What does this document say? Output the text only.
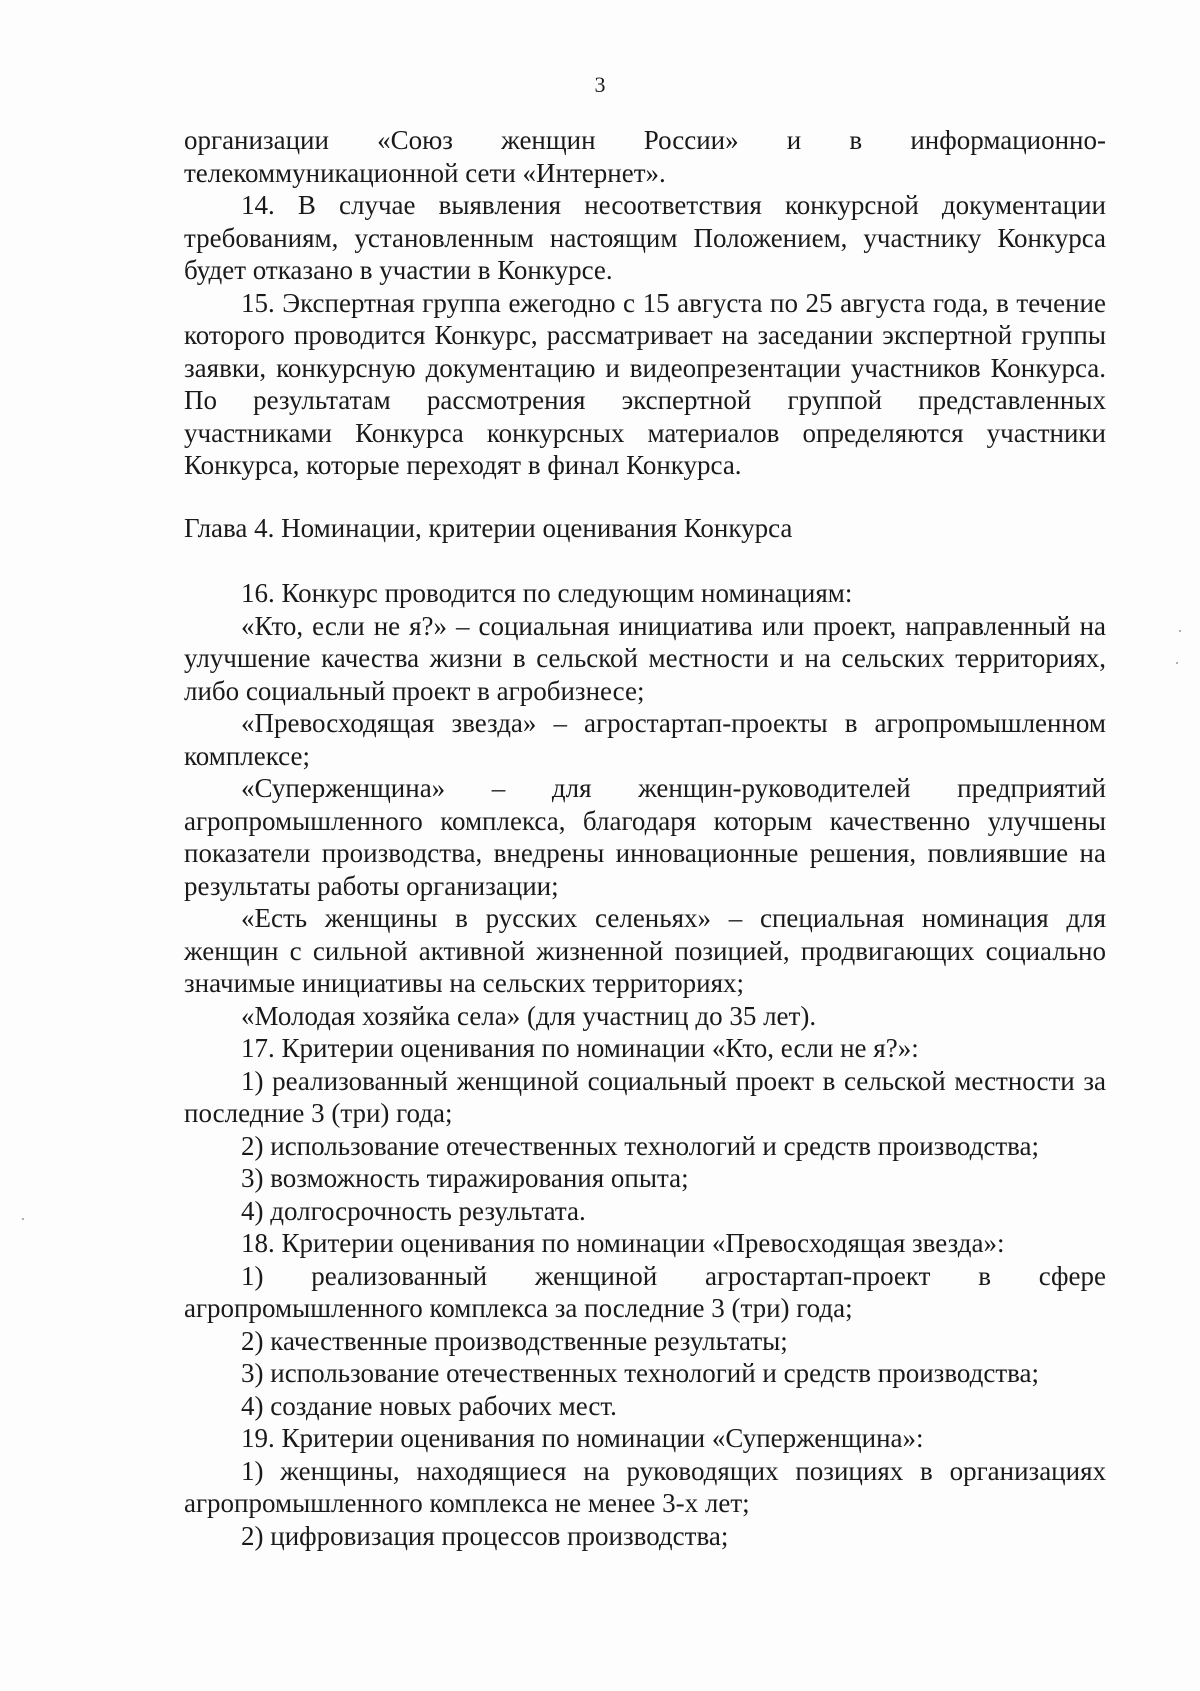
3

организации «Союз женщин России» и в информационно-телекоммуникационной сети «Интернет».

14. В случае выявления несоответствия конкурсной документации требованиям, установленным настоящим Положением, участнику Конкурса будет отказано в участии в Конкурсе.

15. Экспертная группа ежегодно с 15 августа по 25 августа года, в течение которого проводится Конкурс, рассматривает на заседании экспертной группы заявки, конкурсную документацию и видеопрезентации участников Конкурса. По результатам рассмотрения экспертной группой представленных участниками Конкурса конкурсных материалов определяются участники Конкурса, которые переходят в финал Конкурса.

Глава 4. Номинации, критерии оценивания Конкурса

16. Конкурс проводится по следующим номинациям:

«Кто, если не я?» – социальная инициатива или проект, направленный на улучшение качества жизни в сельской местности и на сельских территориях, либо социальный проект в агробизнесе;

«Превосходящая звезда» – агростартап-проекты в агропромышленном комплексе;

«Суперженщина» – для женщин-руководителей предприятий агропромышленного комплекса, благодаря которым качественно улучшены показатели производства, внедрены инновационные решения, повлиявшие на результаты работы организации;

«Есть женщины в русских селеньях» – специальная номинация для женщин с сильной активной жизненной позицией, продвигающих социально значимые инициативы на сельских территориях;

«Молодая хозяйка села» (для участниц до 35 лет).

17. Критерии оценивания по номинации «Кто, если не я?»:

1) реализованный женщиной социальный проект в сельской местности за последние 3 (три) года;

2) использование отечественных технологий и средств производства;

3) возможность тиражирования опыта;

4) долгосрочность результата.

18. Критерии оценивания по номинации «Превосходящая звезда»:

1) реализованный женщиной агростартап-проект в сфере агропромышленного комплекса за последние 3 (три) года;

2) качественные производственные результаты;

3) использование отечественных технологий и средств производства;

4) создание новых рабочих мест.

19. Критерии оценивания по номинации «Суперженщина»:

1) женщины, находящиеся на руководящих позициях в организациях агропромышленного комплекса не менее 3-х лет;

2) цифровизация процессов производства;
